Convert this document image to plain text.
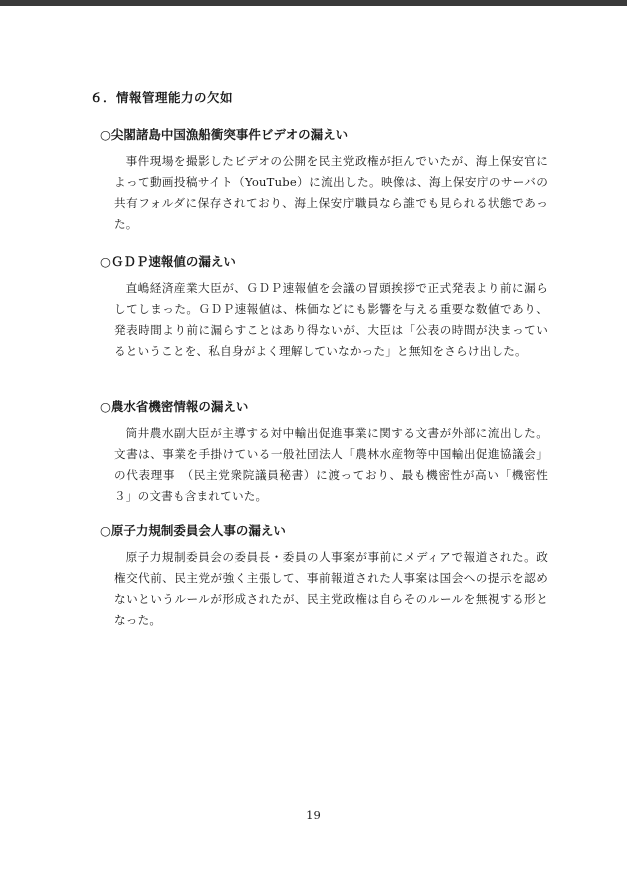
６．情報管理能力の欠如
○尖閣諸島中国漁船衝突事件ビデオの漏えい

事件現場を撮影したビデオの公開を民主党政権が拒んでいたが、海上保安官によって動画投稿サイト（YouTube）に流出した。映像は、海上保安庁のサーバの共有フォルダに保存されており、海上保安庁職員なら誰でも見られる状態であった。

○ＧＤＰ速報値の漏えい

直嶋経済産業大臣が、ＧＤＰ速報値を会議の冒頭挨拶で正式発表より前に漏らしてしまった。ＧＤＰ速報値は、株価などにも影響を与える重要な数値であり、発表時間より前に漏らすことはあり得ないが、大臣は「公表の時間が決まっているということを、私自身がよく理解していなかった」と無知をさらけ出した。

○農水省機密情報の漏えい

筒井農水副大臣が主導する対中輸出促進事業に関する文書が外部に流出した。文書は、事業を手掛けている一般社団法人「農林水産物等中国輸出促進協議会」の代表理事　（民主党衆院議員秘書）に渡っており、最も機密性が高い「機密性３」の文書も含まれていた。

○原子力規制委員会人事の漏えい

原子力規制委員会の委員長・委員の人事案が事前にメディアで報道された。政権交代前、民主党が強く主張して、事前報道された人事案は国会への提示を認めないというルールが形成されたが、民主党政権は自らそのルールを無視する形となった。

19
